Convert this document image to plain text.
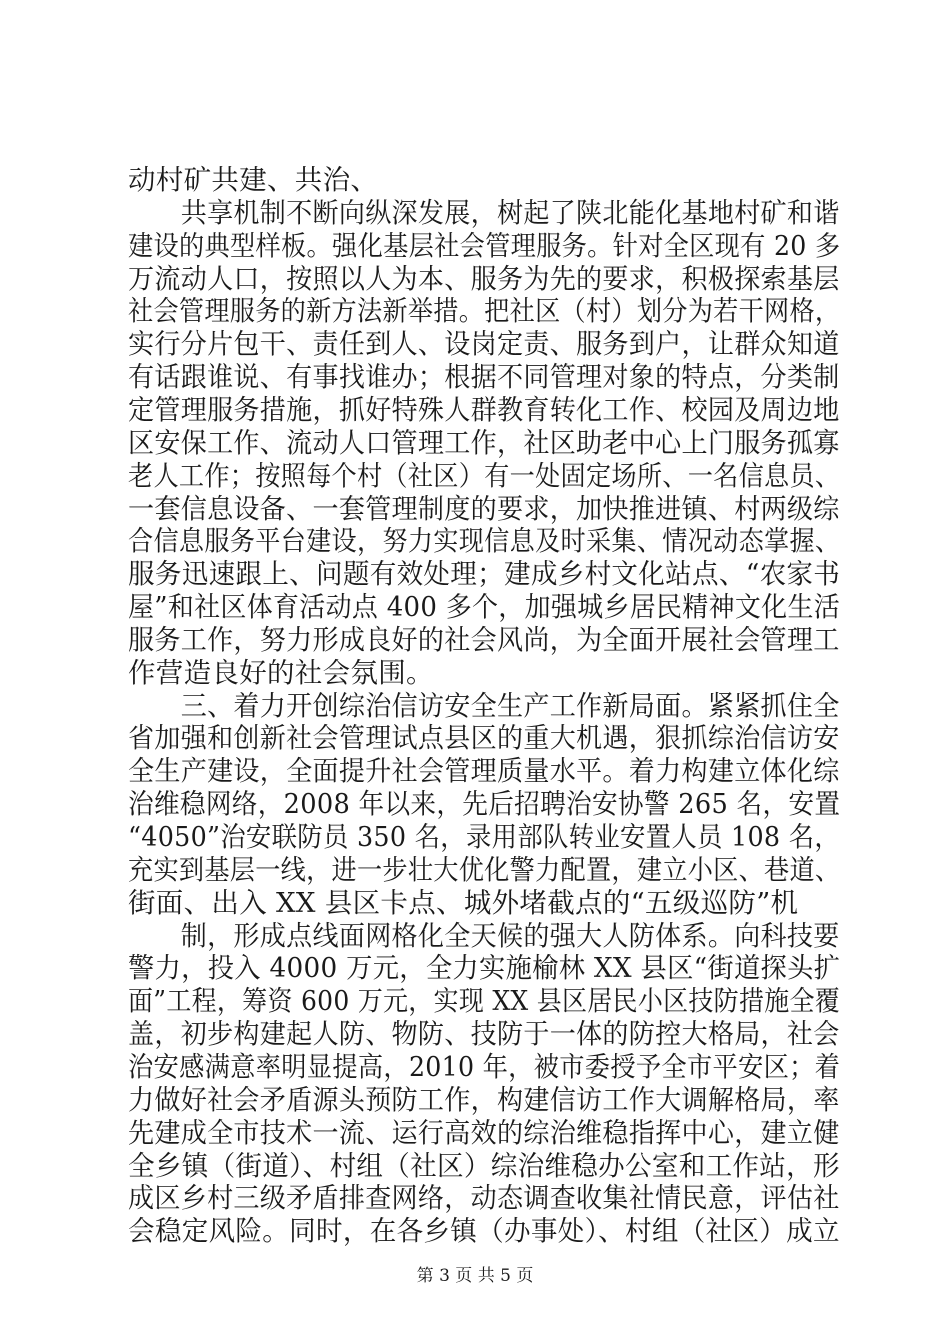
动村矿共建、共治、
　　共享机制不断向纵深发展，树起了陕北能化基地村矿和谐
建设的典型样板。强化基层社会管理服务。针对全区现有 20 多
万流动人口，按照以人为本、服务为先的要求，积极探索基层
社会管理服务的新方法新举措。把社区（村）划分为若干网格，
实行分片包干、责任到人、设岗定责、服务到户，让群众知道
有话跟谁说、有事找谁办；根据不同管理对象的特点，分类制
定管理服务措施，抓好特殊人群教育转化工作、校园及周边地
区安保工作、流动人口管理工作，社区助老中心上门服务孤寡
老人工作；按照每个村（社区）有一处固定场所、一名信息员、
一套信息设备、一套管理制度的要求，加快推进镇、村两级综
合信息服务平台建设，努力实现信息及时采集、情况动态掌握、
服务迅速跟上、问题有效处理；建成乡村文化站点、“农家书
屋”和社区体育活动点 400 多个，加强城乡居民精神文化生活
服务工作，努力形成良好的社会风尚，为全面开展社会管理工
作营造良好的社会氛围。
　　三、着力开创综治信访安全生产工作新局面。紧紧抓住全
省加强和创新社会管理试点县区的重大机遇，狠抓综治信访安
全生产建设，全面提升社会管理质量水平。着力构建立体化综
治维稳网络，2008 年以来，先后招聘治安协警 265 名，安置
“4050”治安联防员 350 名，录用部队转业安置人员 108 名，
充实到基层一线，进一步壮大优化警力配置，建立小区、巷道、
街面、出入 XX 县区卡点、城外堵截点的“五级巡防”机
　　制，形成点线面网格化全天候的强大人防体系。向科技要
警力，投入 4000 万元，全力实施榆林 XX 县区“街道探头扩
面”工程，筹资 600 万元，实现 XX 县区居民小区技防措施全覆
盖，初步构建起人防、物防、技防于一体的防控大格局，社会
治安感满意率明显提高，2010 年，被市委授予全市平安区；着
力做好社会矛盾源头预防工作，构建信访工作大调解格局，率
先建成全市技术一流、运行高效的综治维稳指挥中心，建立健
全乡镇（街道）、村组（社区）综治维稳办公室和工作站，形
成区乡村三级矛盾排查网络，动态调查收集社情民意，评估社
会稳定风险。同时，在各乡镇（办事处）、村组（社区）成立
第 3 页 共 5 页
